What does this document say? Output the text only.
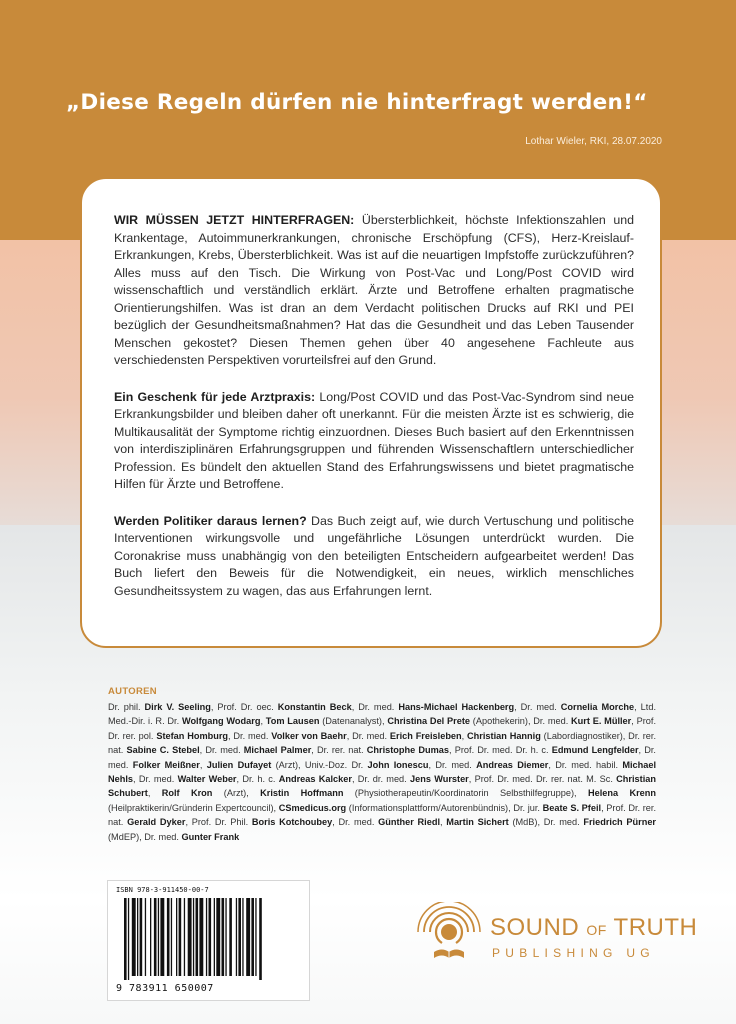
„Diese Regeln dürfen nie hinterfragt werden!“

Lothar Wieler, RKI, 28.07.2020

WIR MÜSSEN JETZT HINTERFRAGEN: Übersterblichkeit, höchste Infektionszahlen und Krankentage, Autoimmunerkrankungen, chronische Erschöpfung (CFS), Herz-Kreislauf-Erkrankungen, Krebs, Übersterblichkeit. Was ist auf die neuartigen Impfstoffe zurückzuführen? Alles muss auf den Tisch. Die Wirkung von Post-Vac und Long/Post COVID wird wissenschaftlich und verständlich erklärt. Ärzte und Betroffene erhalten pragmatische Orientierungshilfen. Was ist dran an dem Verdacht politischen Drucks auf RKI und PEI bezüglich der Gesundheitsmaßnahmen? Hat das die Gesundheit und das Leben Tausender Menschen gekostet? Diesen Themen gehen über 40 angesehene Fachleute aus verschiedensten Perspektiven vorurteilsfrei auf den Grund.

Ein Geschenk für jede Arztpraxis: Long/Post COVID und das Post-Vac-Syndrom sind neue Erkrankungsbilder und bleiben daher oft unerkannt. Für die meisten Ärzte ist es schwierig, die Multikausalität der Symptome richtig einzuordnen. Dieses Buch basiert auf den Erkenntnissen von interdisziplinären Erfahrungsgruppen und führenden Wissenschaftlern unterschiedlicher Profession. Es bündelt den aktuellen Stand des Erfahrungswissens und bietet pragmatische Hilfen für Ärzte und Betroffene.

Werden Politiker daraus lernen? Das Buch zeigt auf, wie durch Vertuschung und politische Interventionen wirkungsvolle und ungefährliche Lösungen unterdrückt wurden. Die Coronakrise muss unabhängig von den beteiligten Entscheidern aufgearbeitet werden! Das Buch liefert den Beweis für die Notwendigkeit, ein neues, wirklich menschliches Gesundheitssystem zu wagen, das aus Erfahrungen lernt.

AUTOREN

Dr. phil. Dirk V. Seeling, Prof. Dr. oec. Konstantin Beck, Dr. med. Hans-Michael Hackenberg, Dr. med. Cornelia Morche, Ltd. Med.-Dir. i. R. Dr. Wolfgang Wodarg, Tom Lausen (Datenanalyst), Christina Del Prete (Apothekerin), Dr. med. Kurt E. Müller, Prof. Dr. rer. pol. Stefan Homburg, Dr. med. Volker von Baehr, Dr. med. Erich Freisleben, Christian Hannig (Labordiagnostiker), Dr. rer. nat. Sabine C. Stebel, Dr. med. Michael Palmer, Dr. rer. nat. Christophe Dumas, Prof. Dr. med. Dr. h. c. Edmund Lengfelder, Dr. med. Folker Meißner, Julien Dufayet (Arzt), Univ.-Doz. Dr. John Ionescu, Dr. med. Andreas Diemer, Dr. med. habil. Michael Nehls, Dr. med. Walter Weber, Dr. h. c. Andreas Kalcker, Dr. dr. med. Jens Wurster, Prof. Dr. med. Dr. rer. nat. M. Sc. Christian Schubert, Rolf Kron (Arzt), Kristin Hoffmann (Physiotherapeutin/Koordinatorin Selbsthilfegruppe), Helena Krenn (Heilpraktikerin/Gründerin Expertcouncil), CSmedicus.org (Informationsplattform/Autorenbündnis), Dr. jur. Beate S. Pfeil, Prof. Dr. rer. nat. Gerald Dyker, Prof. Dr. Phil. Boris Kotchoubey, Dr. med. Günther Riedl, Martin Sichert (MdB), Dr. med. Friedrich Pürner (MdEP), Dr. med. Gunter Frank

ISBN 978-3-911450-00-7
9 783911 650007
SOUND OF TRUTH
PUBLISHING UG
